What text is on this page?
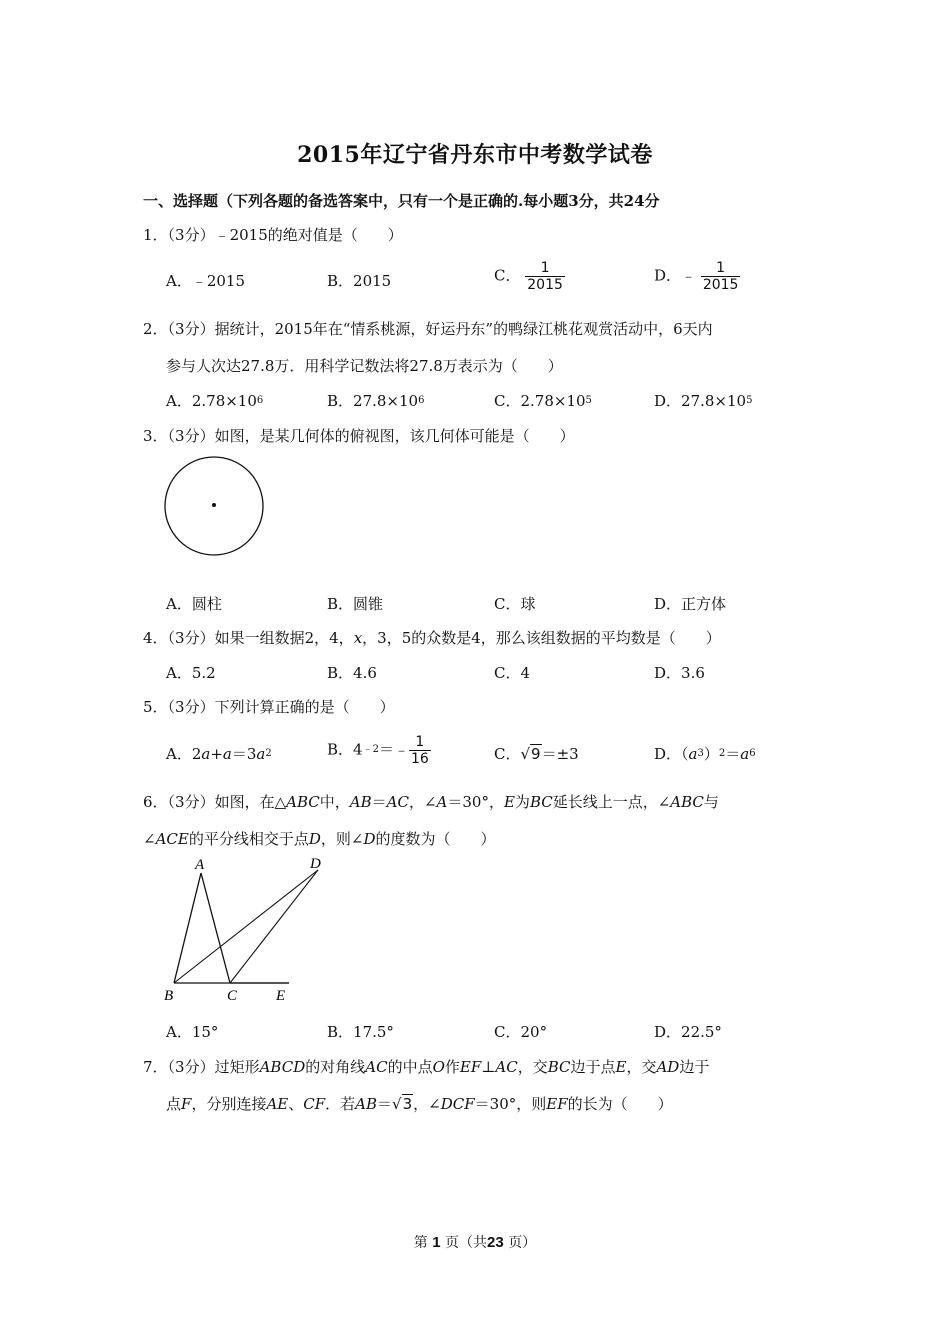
2015年辽宁省丹东市中考数学试卷
一、选择题（下列各题的备选答案中，只有一个是正确的.每小题3分，共24分
1．（3分）﹣2015的绝对值是（　　）
A．﹣2015	B．2015	C． $\frac{1}{2015}$	D．﹣ $\frac{1}{2015}$
2．（3分）据统计，2015年在“情系桃源，好运丹东”的鸭绿江桃花观赏活动中，6天内
参与人次达27.8万．用科学记数法将27.8万表示为（　　）
A．$2.78\times 10^6$	B．$27.8\times 10^6$	C．$2.78\times 10^5$	D．$27.8\times 10^5$
3．（3分）如图，是某几何体的俯视图，该几何体可能是（　　）
A．圆柱	B．圆锥	C．球	D．正方体
4．（3分）如果一组数据2，4，x，3，5的众数是4，那么该组数据的平均数是（　　）
A．5.2	B．4.6	C．4	D．3.6
5．（3分）下列计算正确的是（　　）
A．$2a+a=3a^2$	B．$4^{﹣2}=﹣ \frac{1}{16}$	C．√9＝±3	D．$(a^3)^2=a^6$
6．（3分）如图，在△ABC中，AB＝AC，∠A＝30°，E为BC延长线上一点，∠ABC与
∠ACE的平分线相交于点D，则∠D的度数为（　　）
A
B	C
D
E
A．15°	B．17.5°	C．20°	D．22.5°
7．（3分）过矩形ABCD的对角线AC的中点O作EF⊥AC，交BC边于点E，交AD边于
点F，分别连接AE、CF．若AB＝√3，∠DCF＝30°，则EF的长为（　　）
第 1 页（共23 页）
